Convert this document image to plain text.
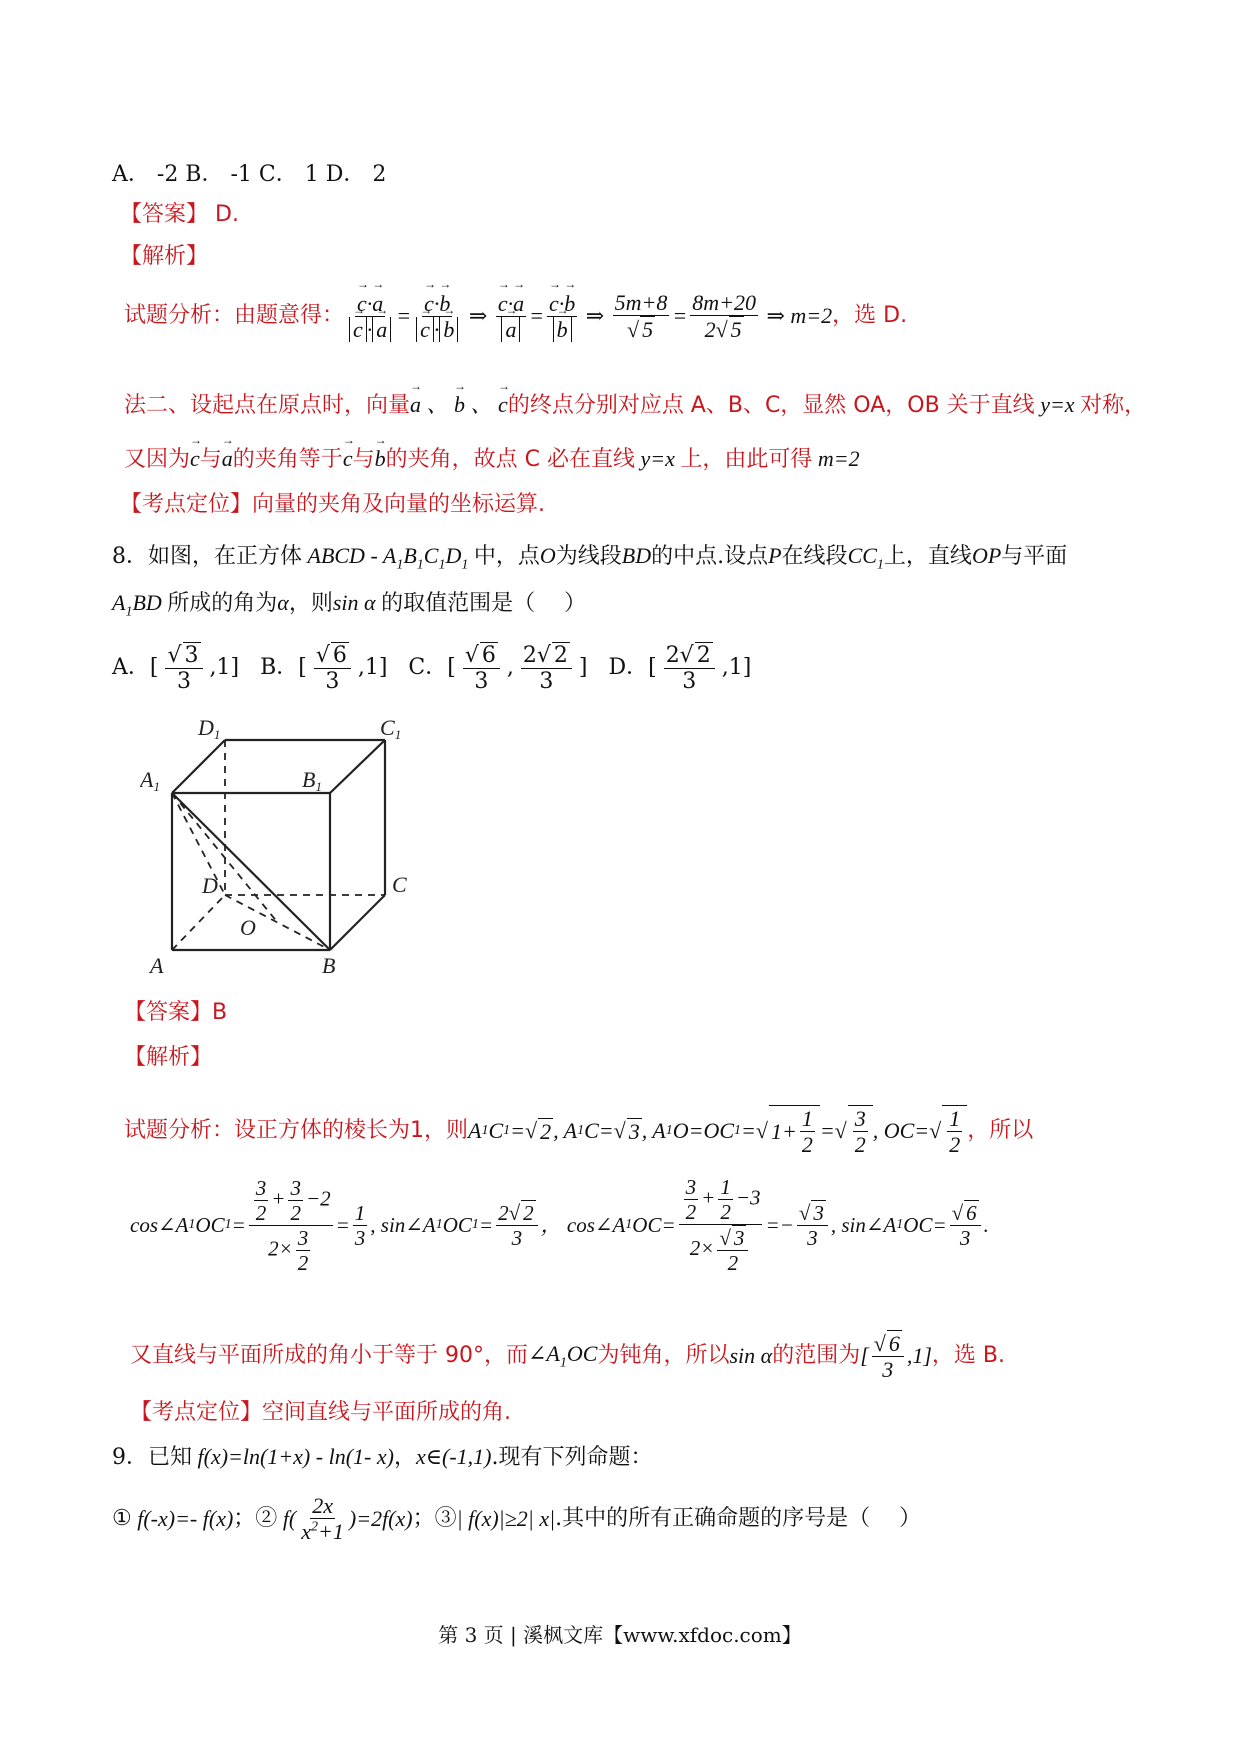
A． -2 B． -1 C． 1 D． 2
【答案】 D.
【解析】
试题分析：由题意得： → c·→ a
→ c · → a = → c·→ b
→ c · → b ⇒ → c·→ a
→ a = → c·→ b
→ b ⇒ $\frac{5m+8}{√ 5} = \frac{8m+20}{2√ 5}$ ⇒ m=2 ，选 D.
法二、设起点在原点时，向量→ a 、 → b 、 → c的终点分别对应点 A、B、C，显然 OA，OB 关于直线 y=x 对称，
又因为→ c与→ a的夹角等于→ c与→ b的夹角，故点 C 必在直线 y=x 上，由此可得 m=2
【考点定位】向量的夹角及向量的坐标运算.
8．如图，在正方体 ABCD - $A_1B_1C_1D_1$ 中，点O为线段BD的中点.设点P在线段$CC_1$上，直线OP与平面
$A_1BD$ 所成的角为α，则sin α 的取值范围是（　 ）
A．[ $\frac{√ 3}{3} ,1$]   B．[ $\frac{√ 6}{3} ,1$]   C．[ $\frac{√ 6}{3}$ , $\frac{2√ 2}{3}$ ]   D．[ $\frac{2√ 2}{3} ,1$]
D1	C1
A1	B1
D	C
O
A	B
【答案】B
【解析】
试题分析：设正方体的棱长为1，则 A 1 C 1 =√ 2 , A 1 C=√ 3 , A 1 O=OC 1 =√ $1+ \frac{1}{2}$ =√ $\frac{3}{2}$ , $OC=√ \frac{1}{2}$ ，所以
cos∠A 1 OC $1 = \frac{\frac{3}{2} + \frac{3}{2} -2}{2\times \frac{3}{2}} = \frac{1}{3}$ , sin∠A 1 OC $1 = \frac{2√ 2}{3}$ ， cos∠A 1 $OC= \frac{\frac{3}{2} + \frac{1}{2} -3}{2\times \frac{√ 3}{2}} =- \frac{√ 3}{3}$ , sin∠A 1 $OC= \frac{√ 6}{3}$ .
又直线与平面所成的角小于等于 90°，而 $\angle A_1OC$ 为钝角，所以 sin α 的范围为 [ $\frac{√ 6}{3} ,1$] ，选 B.
【考点定位】空间直线与平面所成的角.
9．已知 f(x)=ln(1+x) - ln(1- x)，x∈(-1,1).现有下列命题：
① f(-x)=- f(x) ；② $f( \frac{2x}{x^2+1} )=2f(x)$ ；③ | f(x)|≥2| x| .其中的所有正确命题的序号是（　 ）
第 3 页 | 溪枫文库【www.xfdoc.com】
